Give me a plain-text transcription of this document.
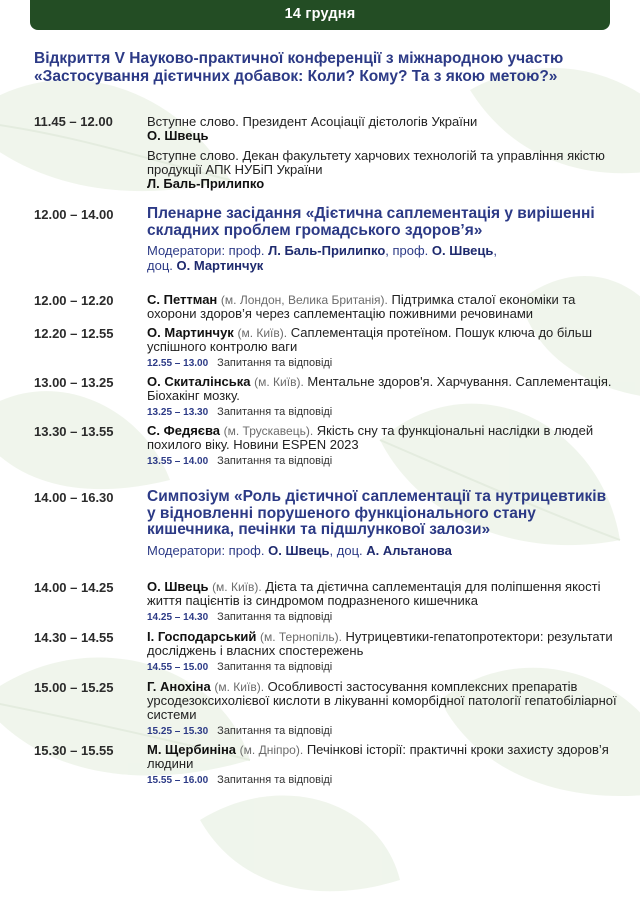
14 грудня
Відкриття V Науково-практичної конференції з міжнародною участю «Застосування дієтичних добавок: Коли? Кому? Та з якою метою?»
11.45 – 12.00	Вступне слово. Президент Асоціації дієтологів України
О. Швець
Вступне слово. Декан факультету харчових технологій та управління якістю продукції АПК НУБіП України
Л. Баль-Прилипко
12.00 – 14.00 Пленарне засідання «Дієтична саплементація у вирішенні складних проблем громадського здоров’я»
Модератори: проф. Л. Баль-Прилипко, проф. О. Швець,
доц. О. Мартинчук
12.00 – 12.20	С. Петтман (м. Лондон, Велика Британія). Підтримка сталої економіки та охорони здоров’я через саплементацію поживними речовинами
12.20 – 12.55	О. Мартинчук (м. Київ). Саплементація протеїном. Пошук ключа до більш успішного контролю ваги
12.55 – 13.00 Запитання та відповіді
13.00 – 13.25	О. Скиталінська (м. Київ). Ментальне здоров'я. Харчування. Саплементація. Біохакінг мозку.
13.25 – 13.30 Запитання та відповіді
13.30 – 13.55	С. Федяєва (м. Трускавець). Якість сну та функціональні наслідки в людей похилого віку. Новини ESPEN 2023
13.55 – 14.00 Запитання та відповіді
14.00 – 16.30 Симпозіум «Роль дієтичної саплементації та нутрицевтиків у відновленні порушеного функціонального стану кишечника, печінки та підшлункової залози»
Модератори: проф. О. Швець, доц. А. Альтанова
14.00 – 14.25	О. Швець (м. Київ). Дієта та дієтична саплементація для поліпшення якості життя пацієнтів із синдромом подразненого кишечника
14.25 – 14.30 Запитання та відповіді
14.30 – 14.55	І. Господарський (м. Тернопіль). Нутрицевтики-гепатопротектори: результати досліджень і власних спостережень
14.55 – 15.00 Запитання та відповіді
15.00 – 15.25	Г. Анохіна (м. Київ). Особливості застосування комплексних препаратів урсодезоксихолієвої кислоти в лікуванні коморбідної патології гепатобіліарної системи
15.25 – 15.30 Запитання та відповіді
15.30 – 15.55	М. Щербиніна (м. Дніпро). Печінкові історії: практичні кроки захисту здоров’я людини
15.55 – 16.00 Запитання та відповіді
